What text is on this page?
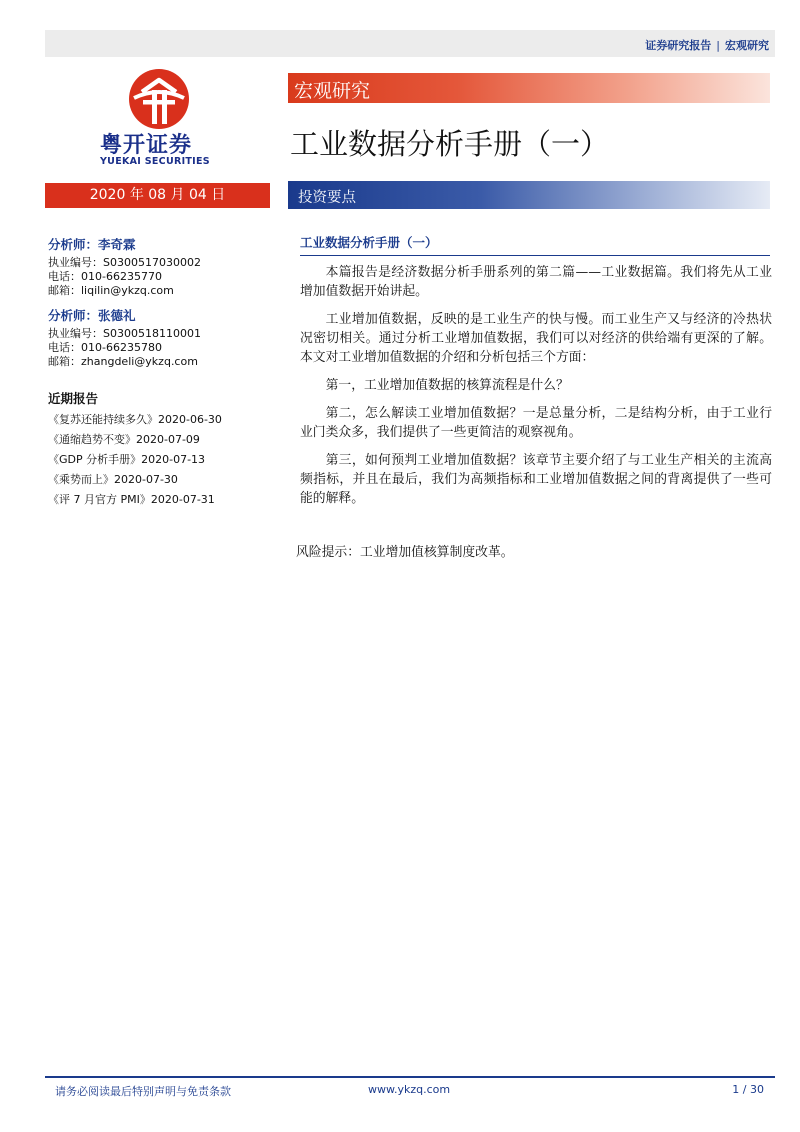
证券研究报告 | 宏观研究
粤开证券
YUEKAI SECURITIES
宏观研究
工业数据分析手册（一）
2020 年 08 月 04 日	投资要点
分析师：李奇霖
执业编号：S0300517030002
电话：010-66235770
邮箱：liqilin@ykzq.com
分析师：张德礼
执业编号：S0300518110001
电话：010-66235780
邮箱：zhangdeli@ykzq.com
近期报告
《复苏还能持续多久》2020-06-30
《通缩趋势不变》2020-07-09
《GDP 分析手册》2020-07-13
《乘势而上》2020-07-30
《评 7 月官方 PMI》2020-07-31
工业数据分析手册（一）

本篇报告是经济数据分析手册系列的第二篇——工业数据篇。我们将先从工业增加值数据开始讲起。

工业增加值数据，反映的是工业生产的快与慢。而工业生产又与经济的冷热状况密切相关。通过分析工业增加值数据，我们可以对经济的供给端有更深的了解。本文对工业增加值数据的介绍和分析包括三个方面：

第一，工业增加值数据的核算流程是什么？

第二，怎么解读工业增加值数据？一是总量分析，二是结构分析，由于工业行业门类众多，我们提供了一些更简洁的观察视角。

第三，如何预判工业增加值数据？该章节主要介绍了与工业生产相关的主流高频指标，并且在最后，我们为高频指标和工业增加值数据之间的背离提供了一些可能的解释。

风险提示：工业增加值核算制度改革。
请务必阅读最后特别声明与免责条款	www.ykzq.com	1 / 30
